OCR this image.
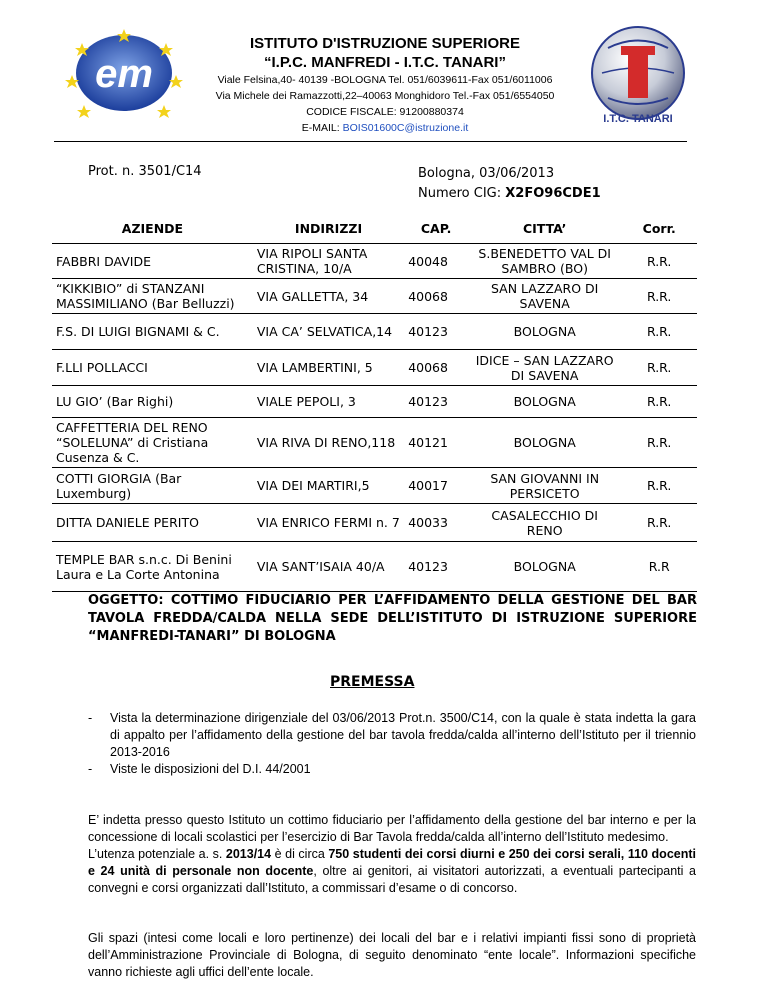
em
ISTITUTO D'ISTRUZIONE SUPERIORE
“I.P.C. MANFREDI - I.T.C. TANARI”
Viale Felsina,40- 40139 -BOLOGNA Tel. 051/6039611-Fax 051/6011006
Via Michele dei Ramazzotti,22–40063 Monghidoro Tel.-Fax 051/6554050
CODICE FISCALE: 91200880374
E-MAIL: BOIS01600C@istruzione.it
I.T.C. TANARI
Prot. n. 3501/C14	Bologna, 03/06/2013
Numero CIG: X2FO96CDE1
AZIENDE	INDIRIZZI	CAP.	CITTA’	Corr.
FABBRI DAVIDE	VIA RIPOLI SANTA CRISTINA, 10/A	40048	S.BENEDETTO VAL DI SAMBRO (BO)	R.R.
“KIKKIBIO” di STANZANI MASSIMILIANO (Bar Belluzzi)	VIA GALLETTA, 34	40068	SAN LAZZARO DI SAVENA	R.R.
F.S. DI LUIGI BIGNAMI & C.	VIA CA’ SELVATICA,14	40123	BOLOGNA	R.R.
F.LLI POLLACCI	VIA LAMBERTINI, 5	40068	IDICE – SAN LAZZARO DI SAVENA	R.R.
LU GIO’ (Bar Righi)	VIALE PEPOLI, 3	40123	BOLOGNA	R.R.
CAFFETTERIA DEL RENO “SOLELUNA” di Cristiana Cusenza & C.	VIA RIVA DI RENO,118	40121	BOLOGNA	R.R.
COTTI GIORGIA (Bar Luxemburg)	VIA DEI MARTIRI,5	40017	SAN GIOVANNI IN PERSICETO	R.R.
DITTA DANIELE PERITO	VIA ENRICO FERMI n. 7	40033	CASALECCHIO DI RENO	R.R.
TEMPLE BAR s.n.c. Di Benini Laura e La Corte Antonina	VIA SANT’ISAIA 40/A	40123	BOLOGNA	R.R
OGGETTO: COTTIMO FIDUCIARIO PER L’AFFIDAMENTO DELLA GESTIONE DEL BAR TAVOLA FREDDA/CALDA NELLA SEDE DELL’ISTITUTO DI ISTRUZIONE SUPERIORE “MANFREDI-TANARI” DI BOLOGNA
PREMESSA
- Vista la determinazione dirigenziale del 03/06/2013 Prot.n. 3500/C14, con la quale è stata indetta la gara di appalto per l’affidamento della gestione del bar tavola fredda/calda all’interno dell’Istituto per il triennio 2013-2016
- Viste le disposizioni del D.I. 44/2001
E’ indetta presso questo Istituto un cottimo fiduciario per l’affidamento della gestione del bar interno e per la concessione di locali scolastici per l’esercizio di Bar Tavola fredda/calda all’interno dell’Istituto medesimo.
L’utenza potenziale a. s. 2013/14 è di circa 750 studenti dei corsi diurni e 250 dei corsi serali, 110 docenti e 24 unità di personale non docente, oltre ai genitori, ai visitatori autorizzati, a eventuali partecipanti a convegni e corsi organizzati dall’Istituto, a commissari d’esame o di concorso.
Gli spazi (intesi come locali e loro pertinenze) dei locali del bar e i relativi impianti fissi sono di proprietà dell’Amministrazione Provinciale di Bologna, di seguito denominato “ente locale”. Informazioni specifiche vanno richieste agli uffici dell’ente locale.
